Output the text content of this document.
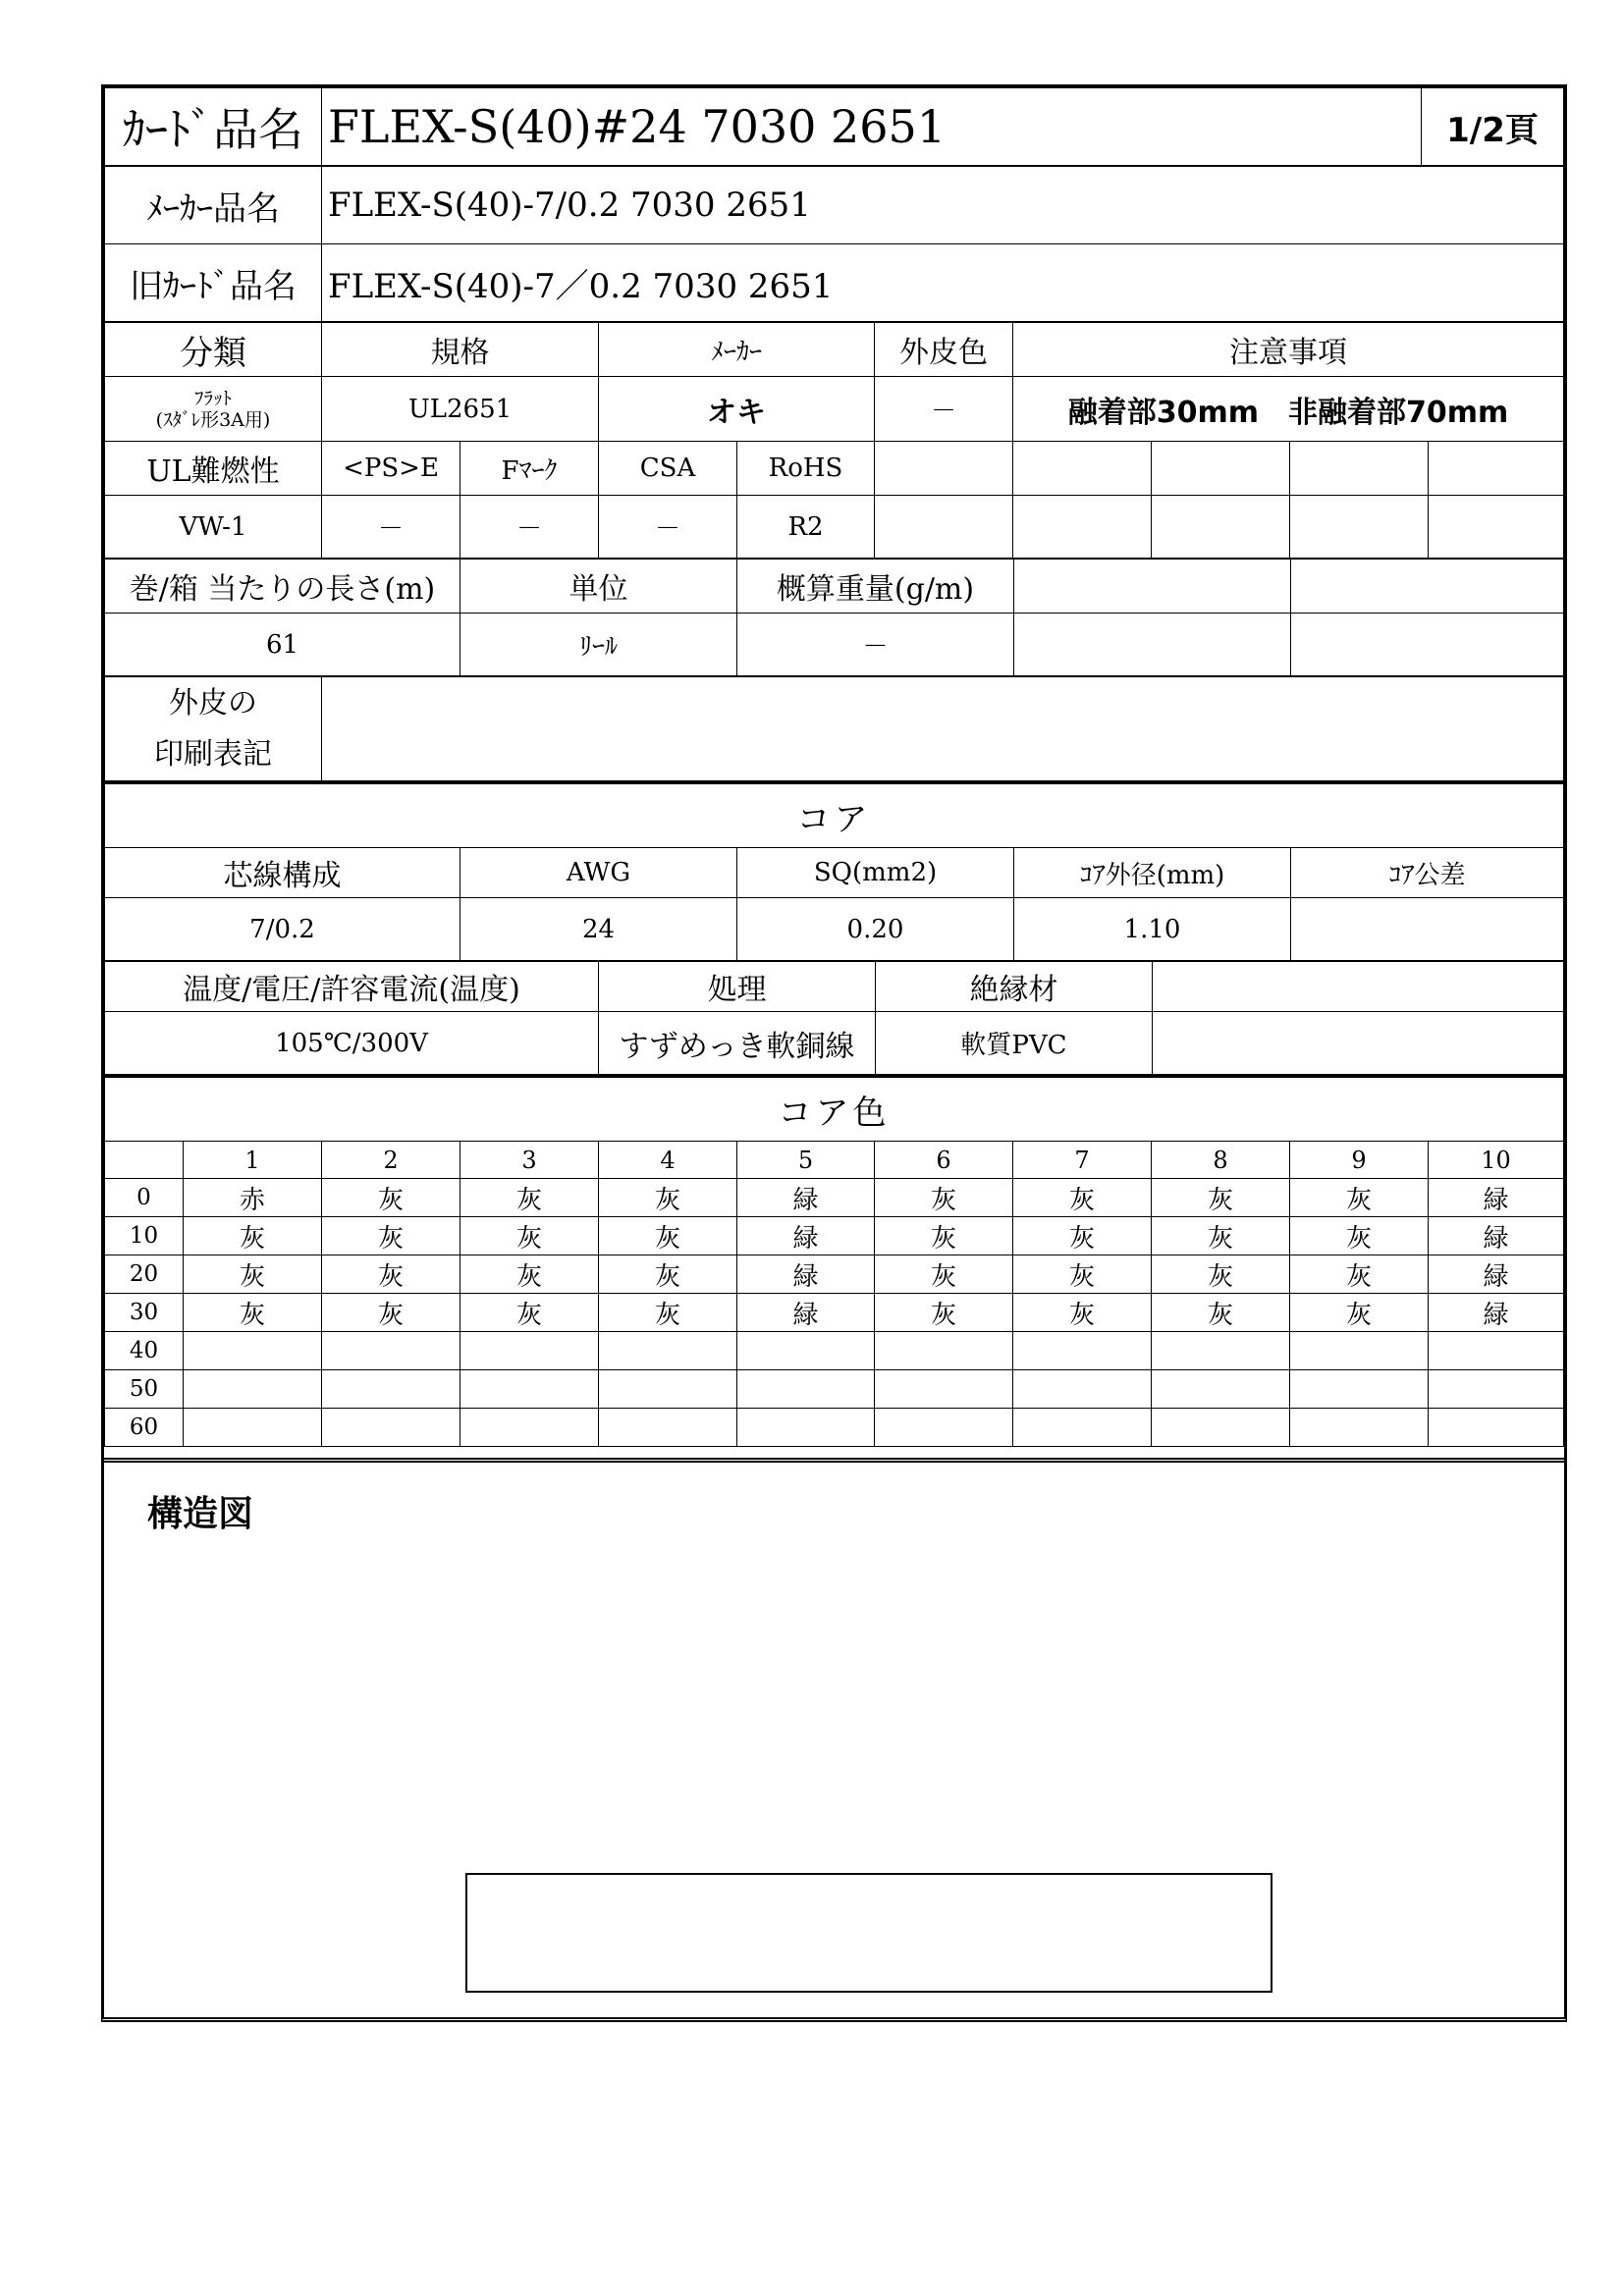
ｶｰﾄﾞ品名	FLEX-S(40)#24 7030 2651	1/2頁
ﾒｰｶｰ品名	FLEX-S(40)-7/0.2 7030 2651
旧ｶｰﾄﾞ品名	FLEX-S(40)-7／0.2 7030 2651
分類	規格		ﾒｰｶｰ		外皮色	注意事項			

ﾌﾗｯﾄ
(ｽﾀﾞﾚ形3A用)	UL2651		オキ		－	融着部30mm　非融着部70mm			
UL難燃性	<PS>E	Fﾏｰｸ	CSA	RoHS					
VW-1	－	－	－	R2					
巻/箱 当たりの長さ(m)	単位	概算重量(g/m)		
61	ﾘｰﾙ	－		
外皮の
印刷表記

コア				
芯線構成	AWG	SQ(mm2)	ｺｱ外径(mm)	ｺｱ公差
7/0.2	24	0.20	1.10	
温度/電圧/許容電流(温度)	処理	絶縁材	
105℃/300V	すずめっき軟銅線	軟質PVC	
コア色										
	1	2	3	4	5	6	7	8	9	10
0	赤	灰	灰	灰	緑	灰	灰	灰	灰	緑
10	灰	灰	灰	灰	緑	灰	灰	灰	灰	緑
20	灰	灰	灰	灰	緑	灰	灰	灰	灰	緑
30	灰	灰	灰	灰	緑	灰	灰	灰	灰	緑
40										
50										
60										
構造図
